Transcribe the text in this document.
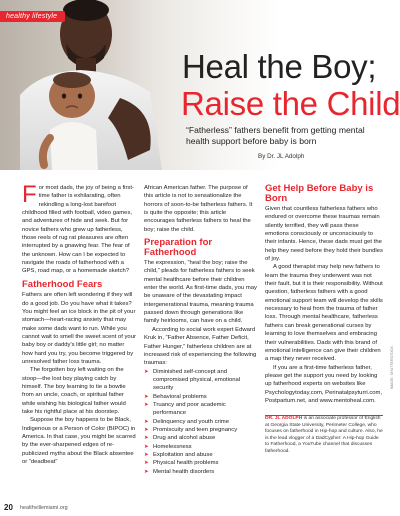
healthy lifestyle
Heal the Boy;
Raise the Child
“Fatherless” fathers benefit from getting mental health support before baby is born
By Dr. JL Adolph

For most dads, the joy of being a first-time father is exhilarating, often rekindling a long-lost barefoot childhood filled with football, video games, and adventures of hide and seek. But for novice fathers who grew up fatherless, those reels of rug rat pleasures are often interrupted by a gnawing fear. The fear of the unknown. How can I be expected to navigate the roads of fatherhood with a GPS, road map, or a homemade sketch?

Fatherhood Fears

Fathers are often left wondering if they will do a good job. Do you have what it takes? You might feel an ice block in the pit of your stomach—heart-racing anxiety that may make some dads want to run. While you cannot wait to smell the sweet scent of your baby boy or daddy's little girl; no matter how hard you try, you become triggered by unresolved father loss trauma.

The forgotten boy left waiting on the stoop—the lost boy playing catch by himself. The boy learning to tie a bowtie from an uncle, coach, or spiritual father while wishing his biological father would take his rightful place at his doorstep.

Suppose the boy happens to be Black, Indigenous or a Person of Color (BIPOC) in America. In that case, you might be scarred by the ever-sharpened edges of re-publicized myths about the Black absentee or “deadbeat”

African American father. The purpose of this article is not to sensationalize the horrors of soon-to-be fatherless fathers. It is quite the opposite; this article encourages fatherless fathers to heal the boy; raise the child.

Preparation for Fatherhood

The expression, “heal the boy; raise the child,” pleads for fatherless fathers to seek mental healthcare before their children enter the world. As first-time dads, you may be unaware of the devastating impact intergenerational trauma, meaning trauma passed down through generations like family heirlooms, can have on a child.

According to social work expert Edward Kruk in, “Father Absence, Father Deficit, Father Hunger,” fatherless children are at increased risk of experiencing the following traumas:

➤ Diminished self-concept and compromised physical, emotional security
➤ Behavioral problems
➤ Truancy and poor academic performance
➤ Delinquency and youth crime
➤ Promiscuity and teen pregnancy
➤ Drug and alcohol abuse
➤ Homelessness
➤ Exploitation and abuse
➤ Physical health problems
➤ Mental health disorders
Get Help Before Baby is Born

Given that countless fatherless fathers who endured or overcome these traumas remain silently terrified, they will pass these emotions consciously or unconsciously to their infants. Hence, these dads must get the help they need before they hold their bundles of joy.

A good therapist may help new fathers to learn the trauma they underwent was not their fault, but it is their responsibility. Without question, fatherless fathers with a good emotional support team will develop the skills necessary to heal from the trauma of father loss. Through mental healthcare, fatherless fathers can break generational curses by learning to love themselves and embracing their vulnerabilities. Dads with this brand of emotional intelligence can give their children a map they never received.

If you are a first-time fatherless father, please get the support you need by looking up fatherhood experts on websites like Psychologytoday.com, Perinatalpsyturri.com, Postpartum.net, and www.mentoheal.com.

DR. JL ADOLPH is an associate professor of English at Georgia State University, Perimeter College, who focuses on fatherhood in Hip-hop and culture. Also, he is the lead vlogger of a DadCypher: A Hip-hop Guide to Fatherhood, a YouTube channel that discusses fatherhood.

IMAGE: SHUTTERSTOCK
20 healthvillemiami.org
